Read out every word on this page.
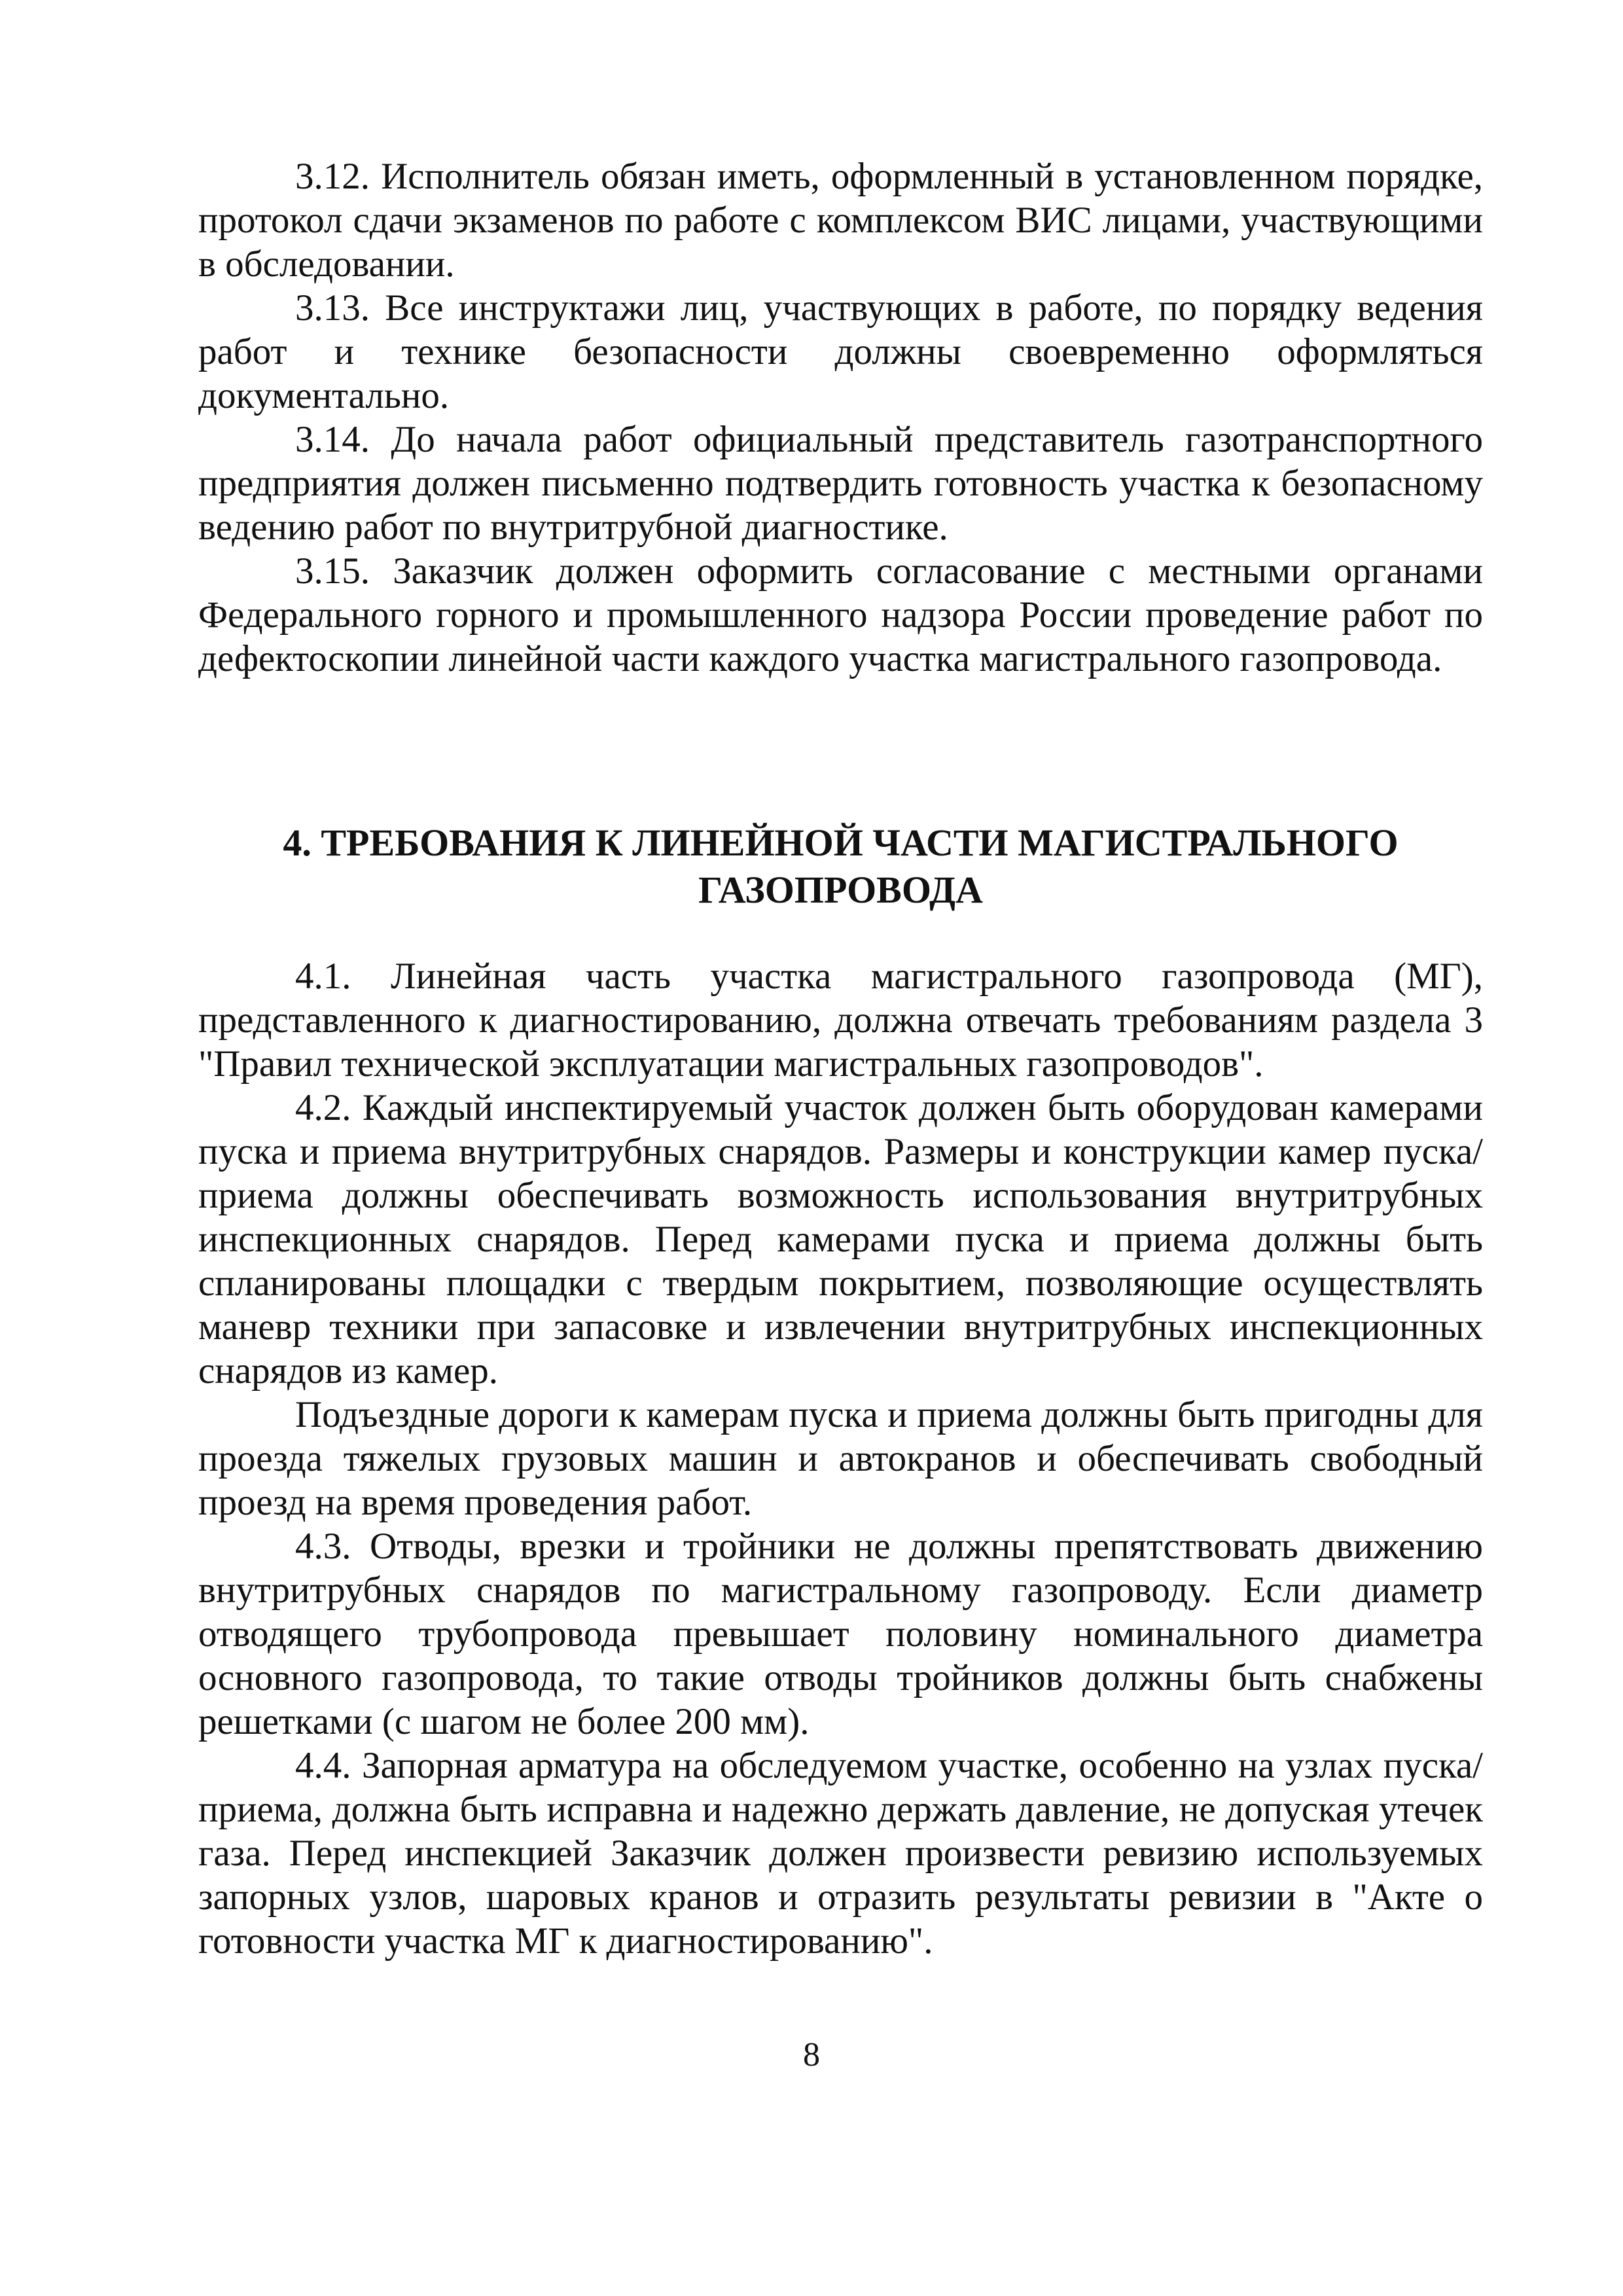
3.12. Исполнитель обязан иметь, оформленный в установленном порядке, протокол сдачи экзаменов по работе с комплексом ВИС лицами, участвующими в обследовании.

3.13. Все инструктажи лиц, участвующих в работе, по порядку ведения работ и технике безопасности должны своевременно оформляться документально.

3.14. До начала работ официальный представитель газотранспортного предприятия должен письменно подтвердить готовность участка к безопасному ведению работ по внутритрубной диагностике.

3.15. Заказчик должен оформить согласование с местными органами Федерального горного и промышленного надзора России проведение работ по дефектоскопии линейной части каждого участка магистрального газопровода.

4. ТРЕБОВАНИЯ К ЛИНЕЙНОЙ ЧАСТИ МАГИСТРАЛЬНОГО
ГАЗОПРОВОДА

4.1. Линейная часть участка магистрального газопровода (МГ), представленного к диагностированию, должна отвечать требованиям раздела 3 "Правил технической эксплуатации магистральных газопроводов".

4.2. Каждый инспектируемый участок должен быть оборудован камерами пуска и приема внутритрубных снарядов. Размеры и конструкции камер пуска/приема должны обеспечивать возможность использования внутритрубных инспекционных снарядов. Перед камерами пуска и приема должны быть спланированы площадки с твердым покрытием, позволяющие осуществлять маневр техники при запасовке и извлечении внутритрубных инспекционных снарядов из камер.

Подъездные дороги к камерам пуска и приема должны быть пригодны для проезда тяжелых грузовых машин и автокранов и обеспечивать свободный проезд на время проведения работ.

4.3. Отводы, врезки и тройники не должны препятствовать движению внутритрубных снарядов по магистральному газопроводу. Если диаметр отводящего трубопровода превышает половину номинального диаметра основного газопровода, то такие отводы тройников должны быть снабжены решетками (с шагом не более 200 мм).

4.4. Запорная арматура на обследуемом участке, особенно на узлах пуска/приема, должна быть исправна и надежно держать давление, не допуская утечек газа. Перед инспекцией Заказчик должен произвести ревизию используемых запорных узлов, шаровых кранов и отразить результаты ревизии в "Акте о готовности участка МГ к диагностированию".

8
